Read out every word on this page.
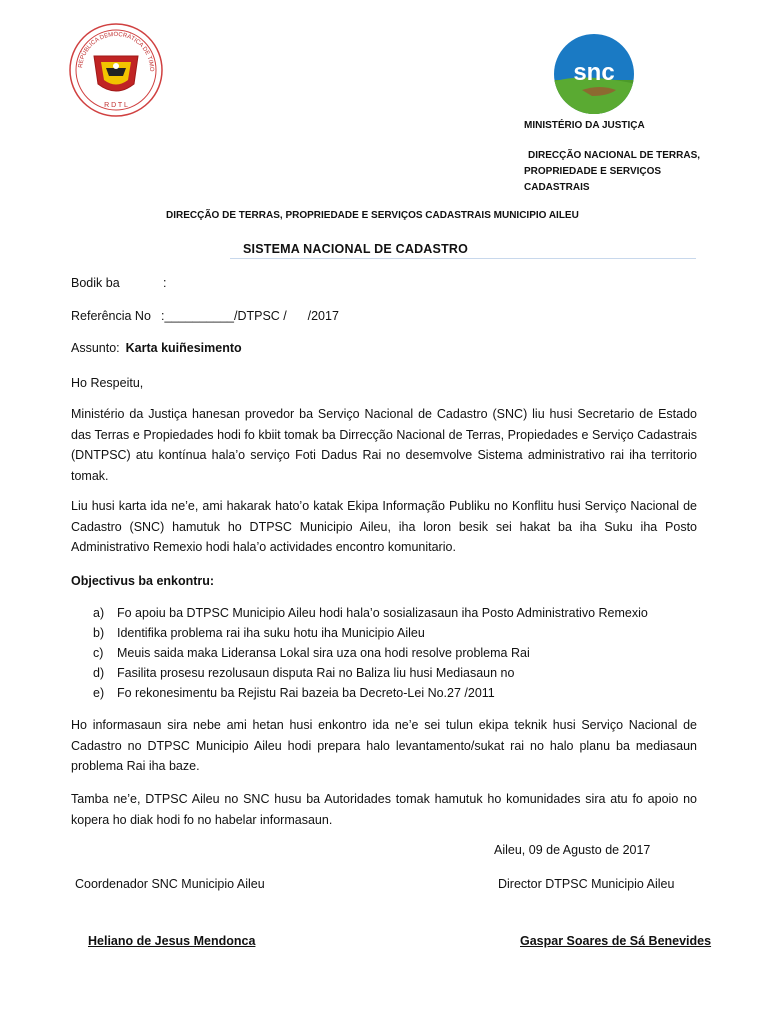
REPÚBLICA DEMOCRÁTICA DE TIMO
R D T L
snc
MINISTÉRIO DA JUSTIÇA
DIRECÇÃO NACIONAL DE TERRAS,
PROPRIEDADE E SERVIÇOS
CADASTRAIS
DIRECÇÃO DE TERRAS, PROPRIEDADE E SERVIÇOS CADASTRAIS MUNICIPIO AILEU
SISTEMA NACIONAL DE CADASTRO
Bodik ba	:
Referência No :__________/DTPSC /      /2017
Assunto: Karta kuiñesimento
Ho Respeitu,
Ministério da Justiça hanesan provedor ba Serviço Nacional de Cadastro (SNC) liu husi Secretario de Estado das Terras e Propiedades hodi fo kbiit tomak ba Dirrecção Nacional de Terras, Propiedades e Serviço Cadastrais (DNTPSC) atu kontínua hala’o serviço Foti Dadus Rai no desemvolve Sistema administrativo rai iha territorio tomak.
Liu husi karta ida ne’e, ami hakarak hato’o katak Ekipa Informação Publiku no Konflitu husi Serviço Nacional de Cadastro (SNC) hamutuk ho DTPSC Municipio Aileu, iha loron besik sei hakat ba iha Suku iha Posto Administrativo Remexio hodi hala’o actividades encontro komunitario.
Objectivus ba enkontru:
a) Fo apoiu ba DTPSC Municipio Aileu hodi hala’o sosializasaun iha Posto Administrativo Remexio
b) Identifika problema rai iha suku hotu iha Municipio Aileu
c) Meuis saida maka Lideransa Lokal sira uza ona hodi resolve problema Rai
d) Fasilita prosesu rezolusaun disputa Rai no Baliza liu husi Mediasaun no
e) Fo rekonesimentu ba Rejistu Rai bazeia ba Decreto-Lei No.27 /2011
Ho informasaun sira nebe ami hetan husi enkontro ida ne’e sei tulun ekipa teknik husi Serviço Nacional de Cadastro no DTPSC Municipio Aileu hodi prepara halo levantamento/sukat rai no halo planu ba mediasaun problema Rai iha baze.
Tamba ne’e, DTPSC Aileu no SNC husu ba Autoridades tomak hamutuk ho komunidades sira atu fo apoio no kopera ho diak hodi fo no habelar informasaun.
Aileu, 09 de Agusto de 2017
Coordenador SNC Municipio Aileu	Director DTPSC Municipio Aileu
Heliano de Jesus Mendonca	Gaspar Soares de Sá Benevides
